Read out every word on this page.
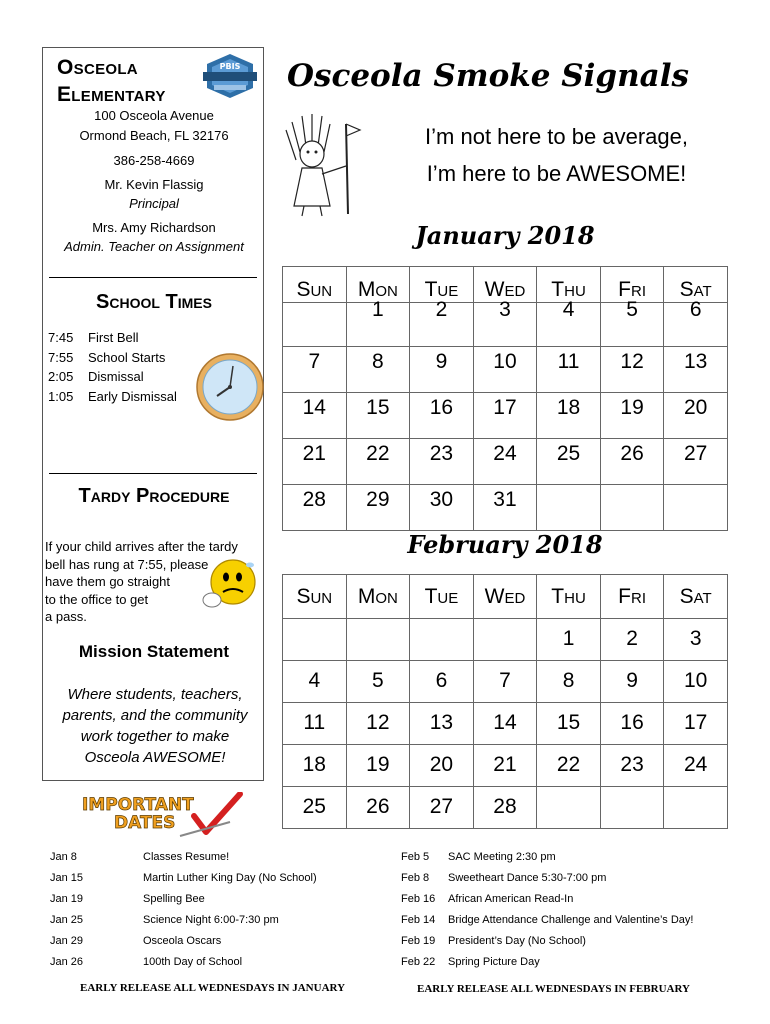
Osceola
Elementary
PBIS
100 Osceola Avenue
Ormond Beach, FL 32176
386-258-4669
Mr. Kevin Flassig
Principal
Mrs. Amy Richardson
Admin. Teacher on Assignment
School Times
7:45	First Bell
7:55	School Starts
2:05	Dismissal
1:05	Early Dismissal
Tardy Procedure
If your child arrives after the tardy
bell has rung at 7:55, please
have them go straight
to the office to get
a pass.
Mission Statement
Where students, teachers,
parents, and the community
work together to make
Osceola AWESOME!
Osceola Smoke Signals
I’m not here to be average,
I’m here to be AWESOME!
January 2018
Sun	Mon	Tue	Wed	Thu	Fri	Sat
	1	2	3	4	5	6
7	8	9	10	11	12	13
14	15	16	17	18	19	20
21	22	23	24	25	26	27
28	29	30	31			
February 2018
Sun	Mon	Tue	Wed	Thu	Fri	Sat
				1	2	3
4	5	6	7	8	9	10
11	12	13	14	15	16	17
18	19	20	21	22	23	24
25	26	27	28			
IMPORTANT
DATES
Jan 8	Classes Resume!
Jan 15	Martin Luther King Day (No School)
Jan 19	Spelling Bee
Jan 25	Science Night 6:00-7:30 pm
Jan 29	Osceola Oscars
Jan 26	100th Day of School
Feb 5	SAC Meeting 2:30 pm
Feb 8	Sweetheart Dance 5:30-7:00 pm
Feb 16	African American Read-In
Feb 14	Bridge Attendance Challenge and Valentine’s Day!
Feb 19	President’s Day (No School)
Feb 22	Spring Picture Day
EARLY RELEASE ALL WEDNESDAYS IN JANUARY	EARLY RELEASE ALL WEDNESDAYS IN FEBRUARY
